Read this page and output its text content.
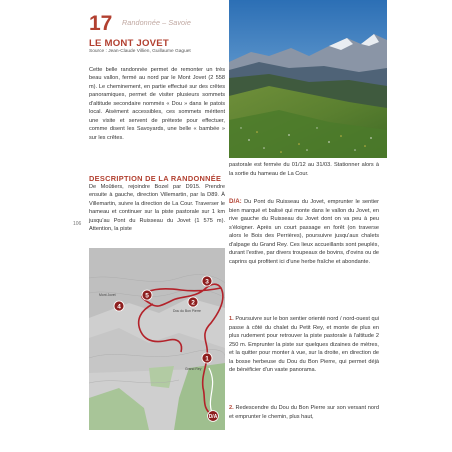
17 Randonnée – Savoie
LE MONT JOVET
Source : Jean-Claude Villien, Guillaume Gaguet
Cette belle randonnée permet de remonter un très beau vallon, fermé au nord par le Mont Jovet (2 558 m). Le cheminement, en partie effectué sur des crêtes panoramiques, permet de visiter plusieurs sommets d'altitude secondaire nommés « Dou » dans le patois local. Aisément accessibles, ces sommets méritent une visite et servent de prétexte pour effectuer, comme disent les Savoyards, une belle « bambée » sur les crêtes.
DESCRIPTION DE LA RANDONNÉE
De Moûtiers, rejoindre Bozel par D915. Prendre ensuite à gauche, direction Villemartin, par la D89. À Villemartin, suivre la direction de La Cour. Traverser le hameau et continuer sur la piste pastorale sur 1 km jusqu'au Pont du Ruisseau du Jovet (1 575 m). Attention, la piste
106
pastorale est fermée du 01/12 au 31/03. Stationner alors à la sortie du hameau de La Cour.
D/A: Du Pont du Ruisseau du Jovet, emprunter le sentier bien marqué et balisé qui monte dans le vallon du Jovet, en rive gauche du Ruisseau du Jovet dont on va peu à peu s'éloigner. Après un court passage en forêt (on traverse alors le Bois des Perrières), poursuivre jusqu'aux chalets d'alpage du Grand Rey. Ces lieux accueillants sont peuplés, durant l'estive, par divers troupeaux de bovins, d'ovins ou de caprins qui profitent ici d'une herbe fraîche et abondante.
1. Poursuivre sur le bon sentier orienté nord / nord-ouest qui passe à côté du chalet du Petit Rey, et monte de plus en plus rudement pour retrouver la piste pastorale à l'altitude 2 250 m. Emprunter la piste sur quelques dizaines de mètres, et la quitter pour monter à vue, sur la droite, en direction de la bosse herbeuse du Dou du Bon Pierre, qui permet déjà de bénéficier d'un vaste panorama.
2. Redescendre du Dou du Bon Pierre sur son versant nord et emprunter le chemin, plus haut,
D/A
1
2
3
4
5
Mont Jovet
Dou du Bon Pierre
Grand Rey
